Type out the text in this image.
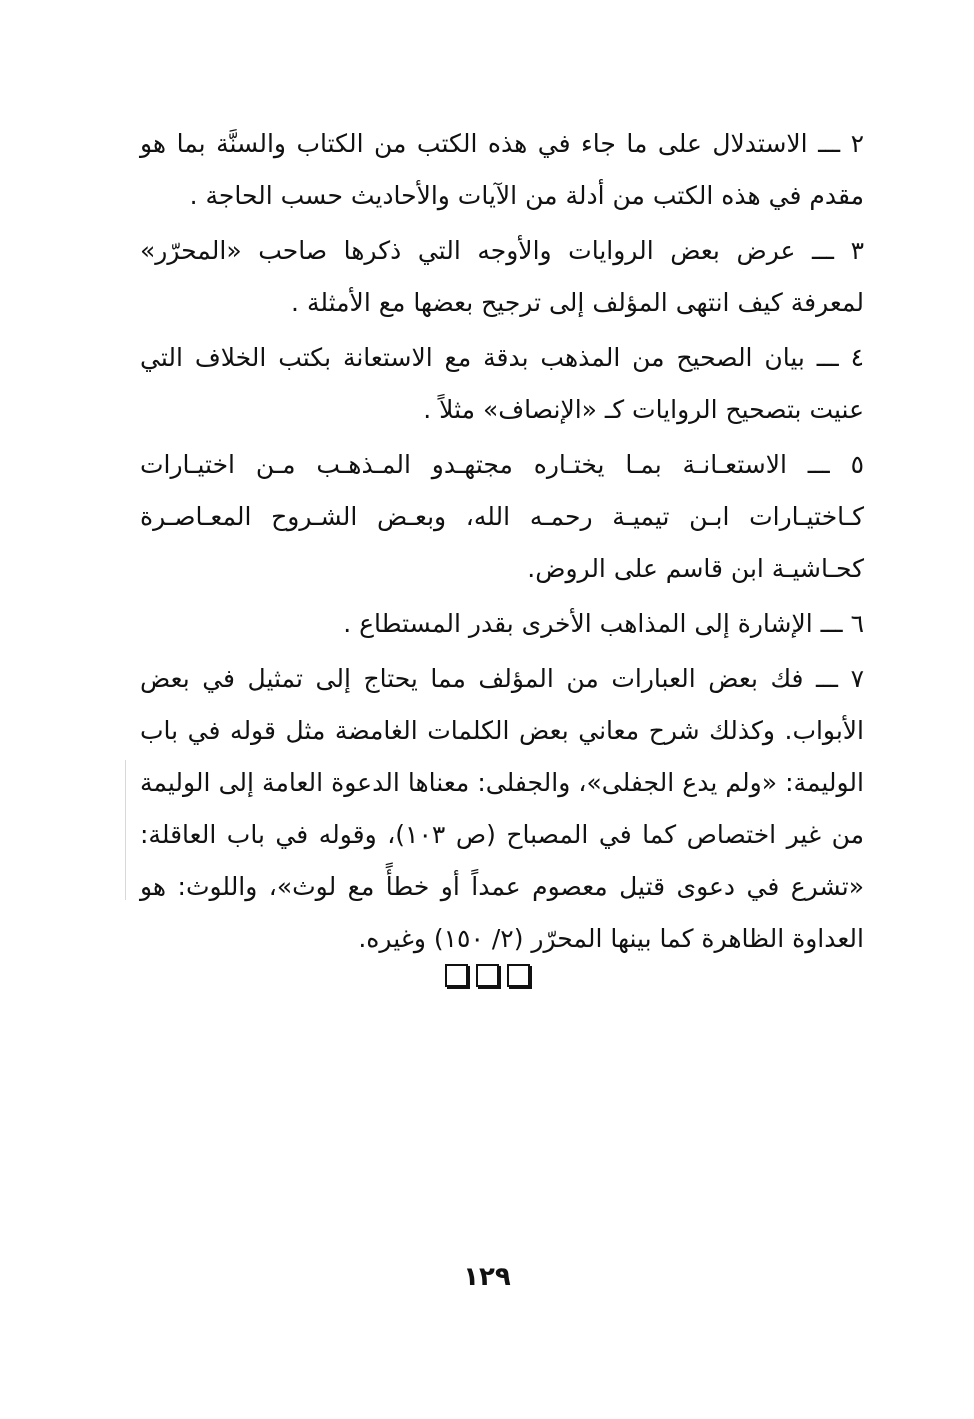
٢ ـــ الاستدلال على ما جاء في هذه الكتب من الكتاب والسنَّة بما هو مقدم في هذه الكتب من أدلة من الآيات والأحاديث حسب الحاجة .

٣ ـــ عرض بعض الروايات والأوجه التي ذكرها صاحب «المحرّر» لمعرفة كيف انتهى المؤلف إلى ترجيح بعضها مع الأمثلة .

٤ ـــ بيان الصحيح من المذهب بدقة مع الاستعانة بكتب الخلاف التي عنيت بتصحيح الروايات كـ «الإنصاف» مثلاً .

٥ ـــ الاستعـانـة بمـا يختـاره مجتهـدو المـذهـب مـن اختيـارات كـاختيـارات ابـن تيميـة رحمـه الله، وبعـض الشـروح المعـاصـرة كحـاشيـة ابن قاسم على الروض.

٦ ـــ الإشارة إلى المذاهب الأخرى بقدر المستطاع .

٧ ـــ فك بعض العبارات من المؤلف مما يحتاج إلى تمثيل في بعض الأبواب. وكذلك شرح معاني بعض الكلمات الغامضة مثل قوله في باب الوليمة: «ولم يدع الجفلى»، والجفلى: معناها الدعوة العامة إلى الوليمة من غير اختصاص كما في المصباح (ص ١٠٣)، وقوله في باب العاقلة: «تشرع في دعوى قتيل معصوم عمداً أو خطأً مع لوث»، واللوث: هو العداوة الظاهرة كما بينها المحرّر (٢/ ١٥٠) وغيره.

١٢٩
